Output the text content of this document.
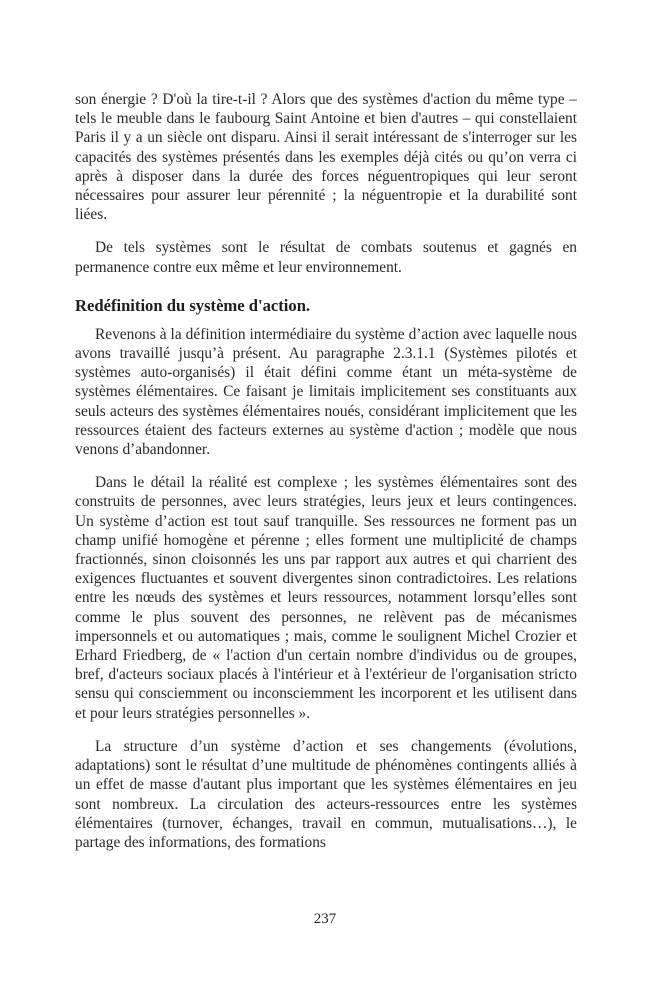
son énergie ? D'où la tire-t-il ? Alors que des systèmes d'action du même type – tels le meuble dans le faubourg Saint Antoine et bien d'autres – qui constellaient Paris il y a un siècle ont disparu. Ainsi il serait intéressant de s'interroger sur les capacités des systèmes présentés dans les exemples déjà cités ou qu’on verra ci après à disposer dans la durée des forces néguentropiques qui leur seront nécessaires pour assurer leur pérennité ; la néguentropie et la durabilité sont liées.

De tels systèmes sont le résultat de combats soutenus et gagnés en permanence contre eux même et leur environnement.

Redéfinition du système d'action.

Revenons à la définition intermédiaire du système d’action avec laquelle nous avons travaillé jusqu’à présent. Au paragraphe 2.3.1.1 (Systèmes pilotés et systèmes auto-organisés) il était défini comme étant un méta-système de systèmes élémentaires. Ce faisant je limitais implicitement ses constituants aux seuls acteurs des systèmes élémentaires noués, considérant implicitement que les ressources étaient des facteurs externes au système d'action ; modèle que nous venons d’abandonner.

Dans le détail la réalité est complexe ; les systèmes élémentaires sont des construits de personnes, avec leurs stratégies, leurs jeux et leurs contingences. Un système d’action est tout sauf tranquille. Ses ressources ne forment pas un champ unifié homogène et pérenne ; elles forment une multiplicité de champs fractionnés, sinon cloisonnés les uns par rapport aux autres et qui charrient des exigences fluctuantes et souvent divergentes sinon contradictoires. Les relations entre les nœuds des systèmes et leurs ressources, notamment lorsqu’elles sont comme le plus souvent des personnes, ne relèvent pas de mécanismes impersonnels et ou automatiques ; mais, comme le soulignent Michel Crozier et Erhard Friedberg, de « l'action d'un certain nombre d'individus ou de groupes, bref, d'acteurs sociaux placés à l'intérieur et à l'extérieur de l'organisation stricto sensu qui consciemment ou inconsciemment les incorporent et les utilisent dans et pour leurs stratégies personnelles ».

La structure d’un système d’action et ses changements (évolutions, adaptations) sont le résultat d’une multitude de phénomènes contingents alliés à un effet de masse d'autant plus important que les systèmes élémentaires en jeu sont nombreux. La circulation des acteurs-ressources entre les systèmes élémentaires (turnover, échanges, travail en commun, mutualisations…), le partage des informations, des formations

237
